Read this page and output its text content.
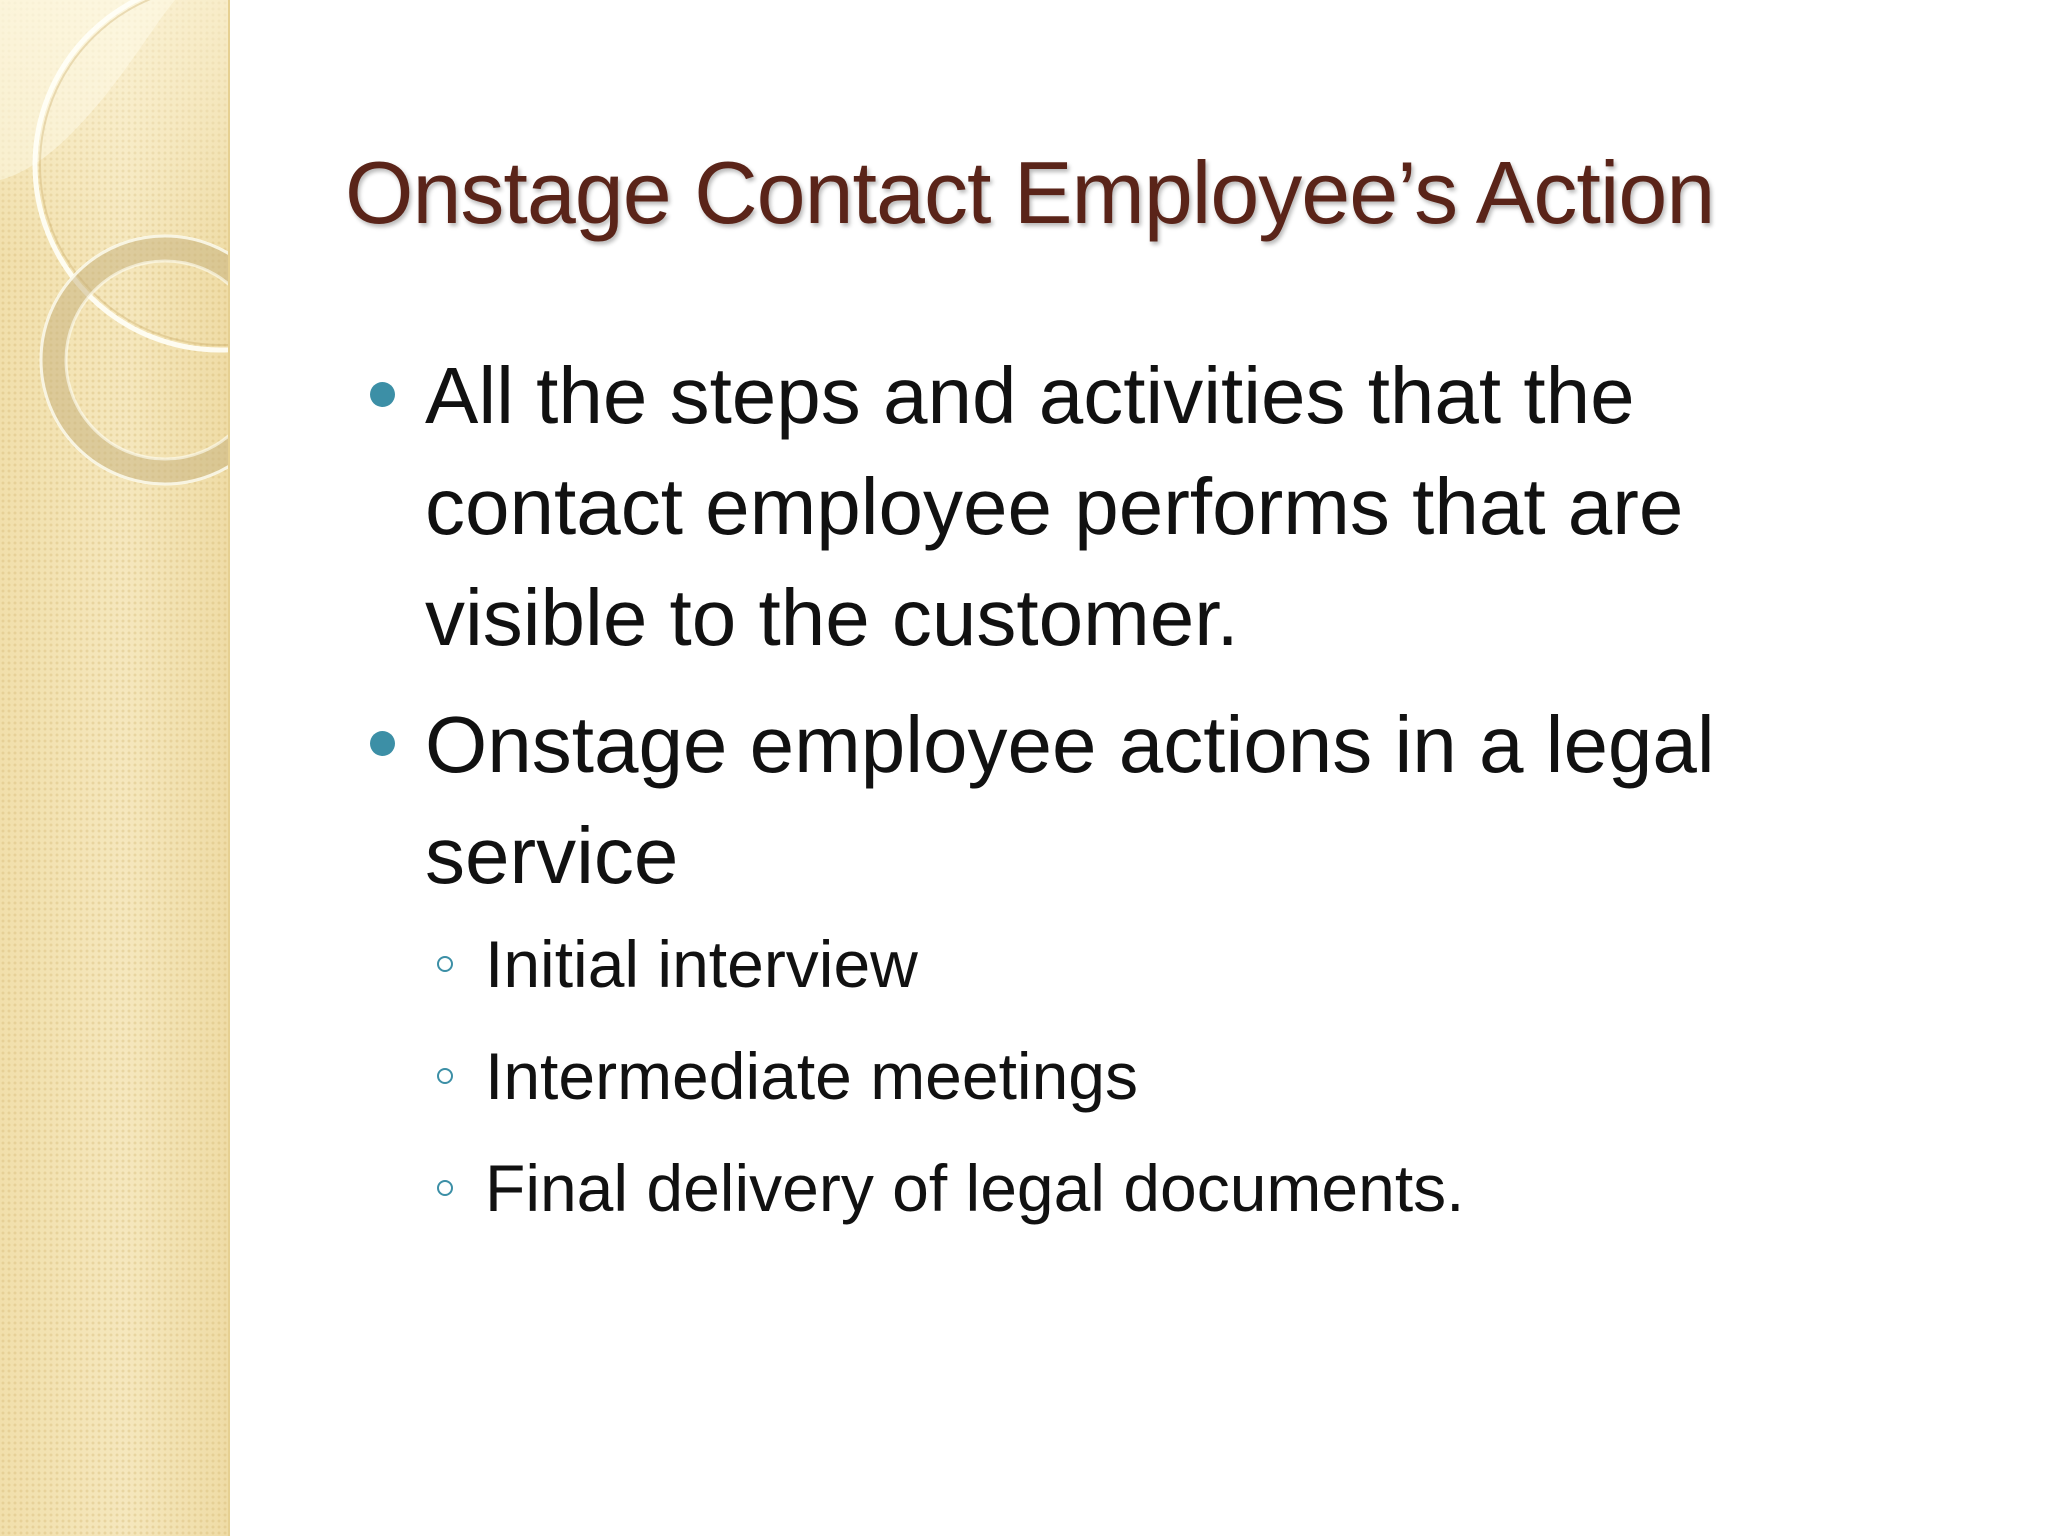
Onstage Contact Employee’s Action
All the steps and activities that the contact employee performs that are visible to the customer.
Onstage employee actions in a legal service
Initial interview
Intermediate meetings
Final delivery of legal documents.
